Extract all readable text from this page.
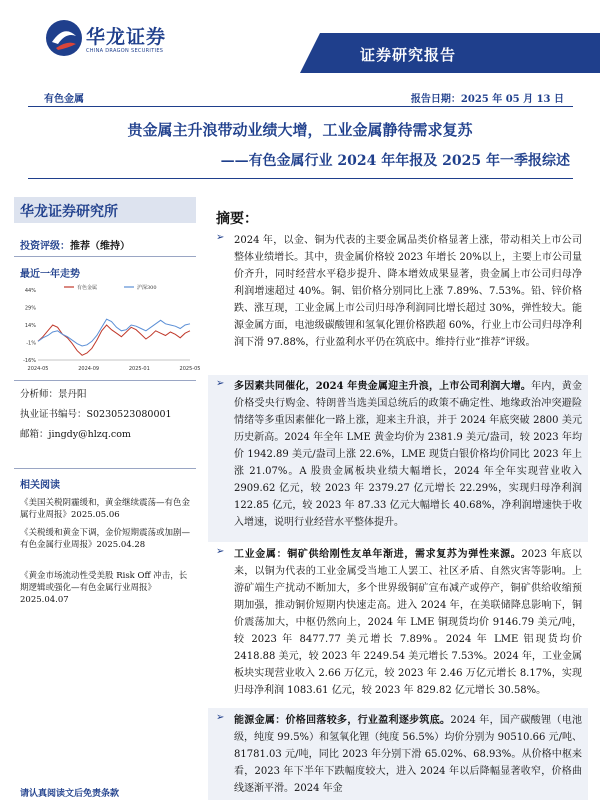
华龙证券
CHINA DRAGON SECURITIES	证券研究报告
有色金属	报告日期：2025 年 05 月 13 日
贵金属主升浪带动业绩大增，工业金属静待需求复苏
——有色金属行业 2024 年年报及 2025 年一季报综述
华龙证券研究所
投资评级：推荐（维持）
最近一年走势
44%
29%
14%
-1%
-16%
2024-05	2024-09	2025-01	2025-05
有色金属	沪深300
分析师：景丹阳
执业证书编号：S0230523080001
邮箱：jingdy@hlzq.com
相关阅读
《美国关税阴霾缓和，黄金继续震荡—有色金属行业周报》2025.05.06
《关税缓和黄金下调，金价短期震荡或加剧—有色金属行业周报》2025.04.28
《黄金市场流动性受美股 Risk Off 冲击，长期逻辑或强化—有色金属行业周报》2025.04.07
请认真阅读文后免责条款
摘要：
➢ 2024 年，以金、铜为代表的主要金属品类价格显著上涨，带动相关上市公司整体业绩增长。其中，贵金属价格较 2023 年增长 20%以上，主要上市公司量价齐升，同时经营水平稳步提升、降本增效成果显著，贵金属上市公司归母净利润增速超过 40%。铜、铝价格分别同比上涨 7.89%、7.53%。铅、锌价格跌、涨互现，工业金属上市公司归母净利润同比增长超过 30%，弹性较大。能源金属方面，电池级碳酸锂和氢氧化锂价格跌超 60%，行业上市公司归母净利润下滑 97.88%，行业盈利水平仍在筑底中。维持行业“推荐”评级。
➢ 多因素共同催化，2024 年贵金属迎主升浪，上市公司利润大增。年内，黄金价格受央行购金、特朗普当选美国总统后的政策不确定性、地缘政治冲突避险情绪等多重因素催化一路上涨，迎来主升浪，并于 2024 年底突破 2800 美元历史新高。2024 年全年 LME 黄金均价为 2381.9 美元/盎司，较 2023 年均价 1942.89 美元/盎司上涨 22.6%，LME 现货白银价格均价同比 2023 年上涨 21.07%。A 股贵金属板块业绩大幅增长，2024 年全年实现营业收入 2909.62 亿元，较 2023 年 2379.27 亿元增长 22.29%，实现归母净利润 122.85 亿元，较 2023 年 87.33 亿元大幅增长 40.68%，净利润增速快于收入增速，说明行业经营水平整体提升。
➢ 工业金属：铜矿供给刚性友单年渐进，需求复苏为弹性来源。2023 年底以来，以铜为代表的工业金属受当地工人罢工、社区矛盾、自然灾害等影响。上游矿端生产扰动不断加大，多个世界级铜矿宣布减产或停产，铜矿供给收缩预期加强，推动铜价短期内快速走高。进入 2024 年，在美联储降息影响下，铜价震荡加大，中枢仍然向上，2024 年 LME 铜现货均价 9146.79 美元/吨，较 2023 年 8477.77 美元增长 7.89%。2024 年 LME 铝现货均价 2418.88 美元，较 2023 年 2249.54 美元增长 7.53%。2024 年，工业金属板块实现营业收入 2.66 万亿元，较 2023 年 2.46 万亿元增长 8.17%，实现归母净利润 1083.61 亿元，较 2023 年 829.82 亿元增长 30.58%。
➢ 能源金属：价格回落较多，行业盈利逐步筑底。2024 年，国产碳酸锂（电池级，纯度 99.5%）和氢氧化锂（纯度 56.5%）均价分别为 90510.66 元/吨、81781.03 元/吨，同比 2023 年分别下滑 65.02%、68.93%。从价格中枢来看，2023 年下半年下跌幅度较大，进入 2024 年以后降幅显著收窄，价格曲线逐渐平滑。2024 年金
